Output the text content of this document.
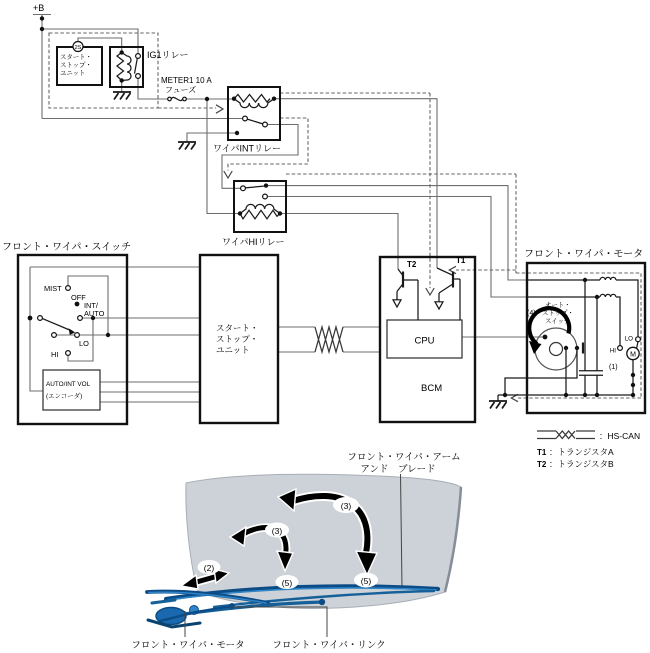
+B
2S
スタート・
ストップ・
ユニット
IG1リレー
METER1 10 A
フューズ
ワイパINTリレー
ワイパHIリレー
フロント・ワイパ・スイッチ
MIST
OFF
INT/
AUTO
LO
HI
AUTO/INT VOL
(エンコーダ)
スタート・
ストップ・
ユニット
CPU
BCM
T2	T1
フロント・ワイパ・モータ
(4)
オート・
ストップ・
スイッチ
M
LO
HI
(1)
：HS-CAN
T1 ：トランジスタA
T2 ：トランジスタB
フロント・ワイパ・アーム
アンド　ブレード
(3)
(5)
(3)
(5)
(2)
フロント・ワイパ・モータ	フロント・ワイパ・リンク
